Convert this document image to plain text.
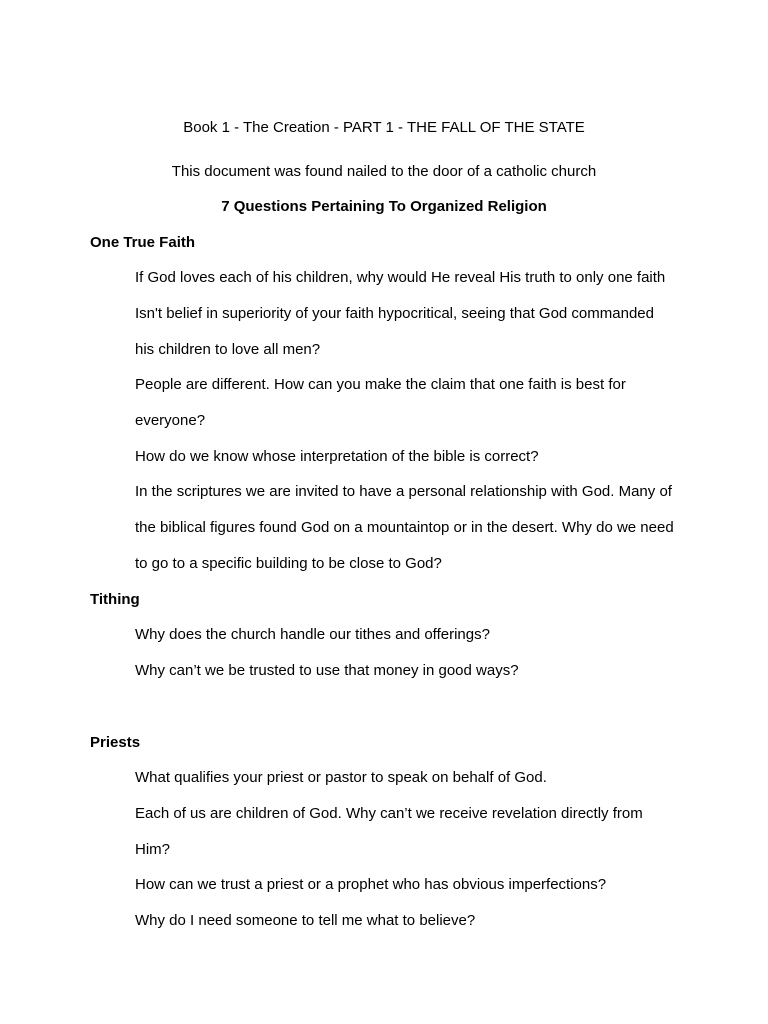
Book 1 - The Creation - PART 1 - THE FALL OF THE STATE
This document was found nailed to the door of a catholic church
7 Questions Pertaining To Organized Religion
One True Faith
If God loves each of his children, why would He reveal His truth to only one faith
Isn't belief in superiority of your faith hypocritical, seeing that God commanded
his children to love all men?
People are different. How can you make the claim that one faith is best for
everyone?
How do we know whose interpretation of the bible is correct?
In the scriptures we are invited to have a personal relationship with God. Many of
the biblical figures found God on a mountaintop or in the desert. Why do we need
to go to a specific building to be close to God?
Tithing
Why does the church handle our tithes and offerings?
Why can’t we be trusted to use that money in good ways?
Priests
What qualifies your priest or pastor to speak on behalf of God.
Each of us are children of God. Why can’t we receive revelation directly from
Him?
How can we trust a priest or a prophet who has obvious imperfections?
Why do I need someone to tell me what to believe?
